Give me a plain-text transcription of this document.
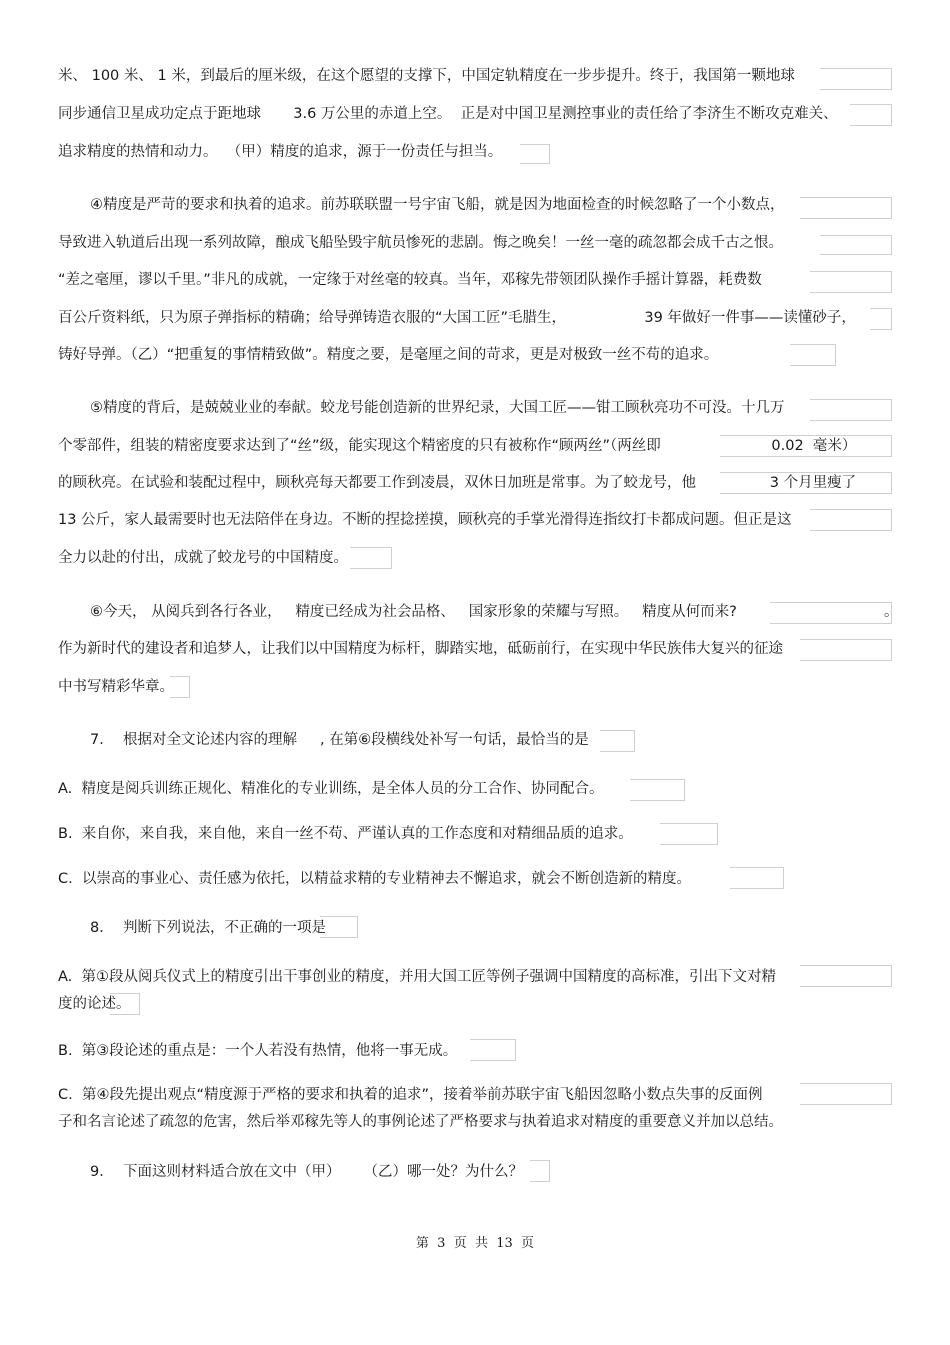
米、 100 米、 1 米，到最后的厘米级，在这个愿望的支撑下，中国定轨精度在一步步提升。终于，我国第一颗地球
同步通信卫星成功定点于距地球       3.6 万公里的赤道上空。  正是对中国卫星测控事业的责任给了李济生不断攻克难关、
追求精度的热情和动力。  （甲）精度的追求，源于一份责任与担当。
④精度是严苛的要求和执着的追求。前苏联联盟一号宇宙飞船，就是因为地面检查的时候忽略了一个小数点，
导致进入轨道后出现一系列故障，酿成飞船坠毁宇航员惨死的悲剧。悔之晚矣！一丝一毫的疏忽都会成千古之恨。
“差之毫厘，谬以千里。”非凡的成就，一定缘于对丝毫的较真。当年，邓稼先带领团队操作手摇计算器，耗费数
百公斤资料纸，只为原子弹指标的精确；给导弹铸造衣服的“大国工匠”毛腊生，                 39 年做好一件事——读懂砂子，
铸好导弹。（乙）“把重复的事情精致做”。精度之要，是毫厘之间的苛求，更是对极致一丝不苟的追求。
⑤精度的背后，是兢兢业业的奉献。蛟龙号能创造新的世界纪录，大国工匠——钳工顾秋亮功不可没。十几万
个零部件，组装的精密度要求达到了“丝”级，能实现这个精密度的只有被称作“顾两丝”（两丝即                        0.02  毫米）
的顾秋亮。在试验和装配过程中，顾秋亮每天都要工作到凌晨，双休日加班是常事。为了蛟龙号，他                3 个月里瘦了
13 公斤，家人最需要时也无法陪伴在身边。不断的捏捻搓摸，顾秋亮的手掌光滑得连指纹打卡都成问题。但正是这
全力以赴的付出，成就了蛟龙号的中国精度。
⑥今天， 从阅兵到各行各业，   精度已经成为社会品格、   国家形象的荣耀与写照。   精度从何而来?	。
作为新时代的建设者和追梦人，让我们以中国精度为标杆，脚踏实地，砥砺前行，在实现中华民族伟大复兴的征途
中书写精彩华章。
7．  根据对全文论述内容的理解     , 在第⑥段横线处补写一句话，最恰当的是
A.  精度是阅兵训练正规化、精准化的专业训练，是全体人员的分工合作、协同配合。
B.  来自你，来自我，来自他，来自一丝不苟、严谨认真的工作态度和对精细品质的追求。
C.  以崇高的事业心、责任感为依托，以精益求精的专业精神去不懈追求，就会不断创造新的精度。
8．  判断下列说法，不正确的一项是
A.  第①段从阅兵仪式上的精度引出干事创业的精度，并用大国工匠等例子强调中国精度的高标准，引出下文对精
度的论述。
B.  第③段论述的重点是：一个人若没有热情，他将一事无成。
C.  第④段先提出观点“精度源于严格的要求和执着的追求”，接着举前苏联宇宙飞船因忽略小数点失事的反面例
子和名言论述了疏忽的危害，然后举邓稼先等人的事例论述了严格要求与执着追求对精度的重要意义并加以总结。
9．  下面这则材料适合放在文中（甲）     （乙）哪一处？为什么？
第  3  页  共  13  页
